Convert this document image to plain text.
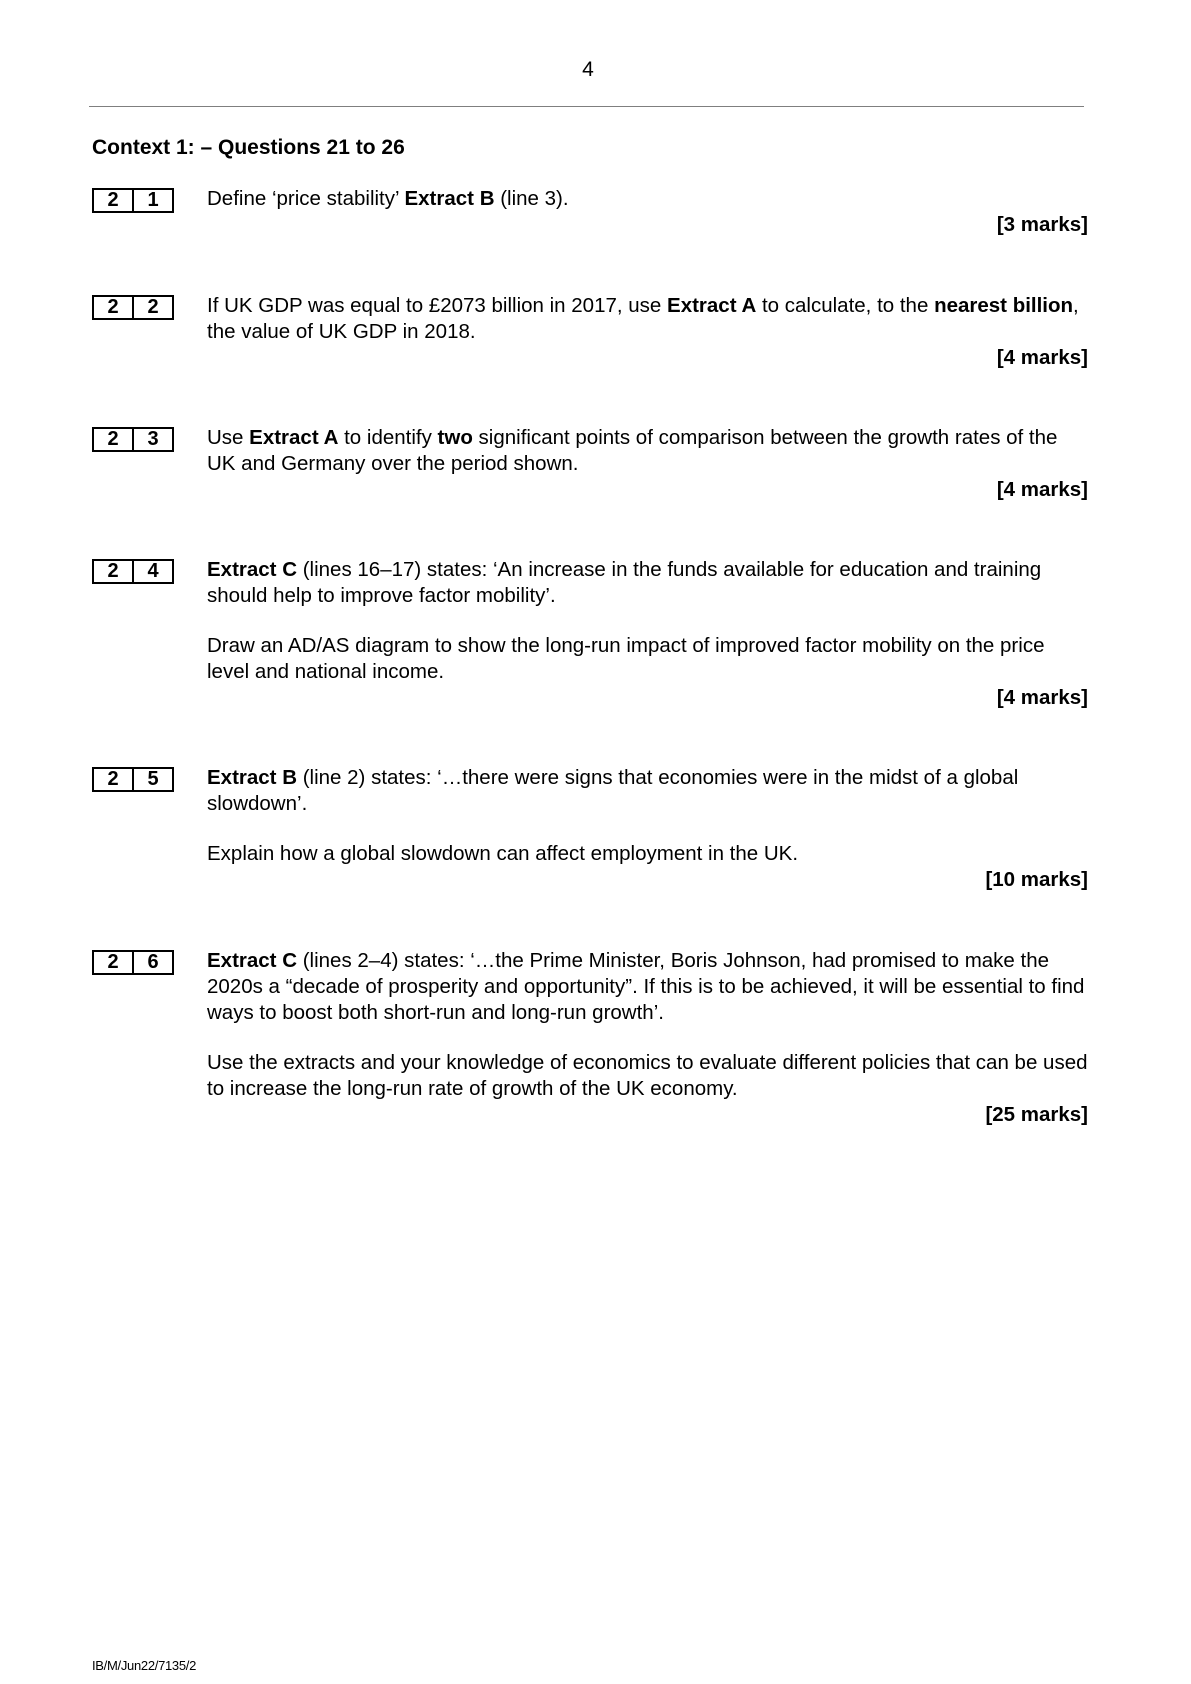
4
Context 1: – Questions 21 to 26
2	1	Define ‘price stability’ Extract B (line 3).

[3 marks]
2	2	If UK GDP was equal to £2073 billion in 2017, use Extract A to calculate, to the nearest billion, the value of UK GDP in 2018.

[4 marks]
2	3	Use Extract A to identify two significant points of comparison between the growth rates of the UK and Germany over the period shown.

[4 marks]
2	4	Extract C (lines 16–17) states: ‘An increase in the funds available for education and training should help to improve factor mobility’.

Draw an AD/AS diagram to show the long-run impact of improved factor mobility on the price level and national income.

[4 marks]
2	5	Extract B (line 2) states: ‘…there were signs that economies were in the midst of a global slowdown’.

Explain how a global slowdown can affect employment in the UK.

[10 marks]
2	6	Extract C (lines 2–4) states: ‘…the Prime Minister, Boris Johnson, had promised to make the 2020s a “decade of prosperity and opportunity”. If this is to be achieved, it will be essential to find ways to boost both short-run and long-run growth’.

Use the extracts and your knowledge of economics to evaluate different policies that can be used to increase the long-run rate of growth of the UK economy.

[25 marks]
IB/M/Jun22/7135/2
